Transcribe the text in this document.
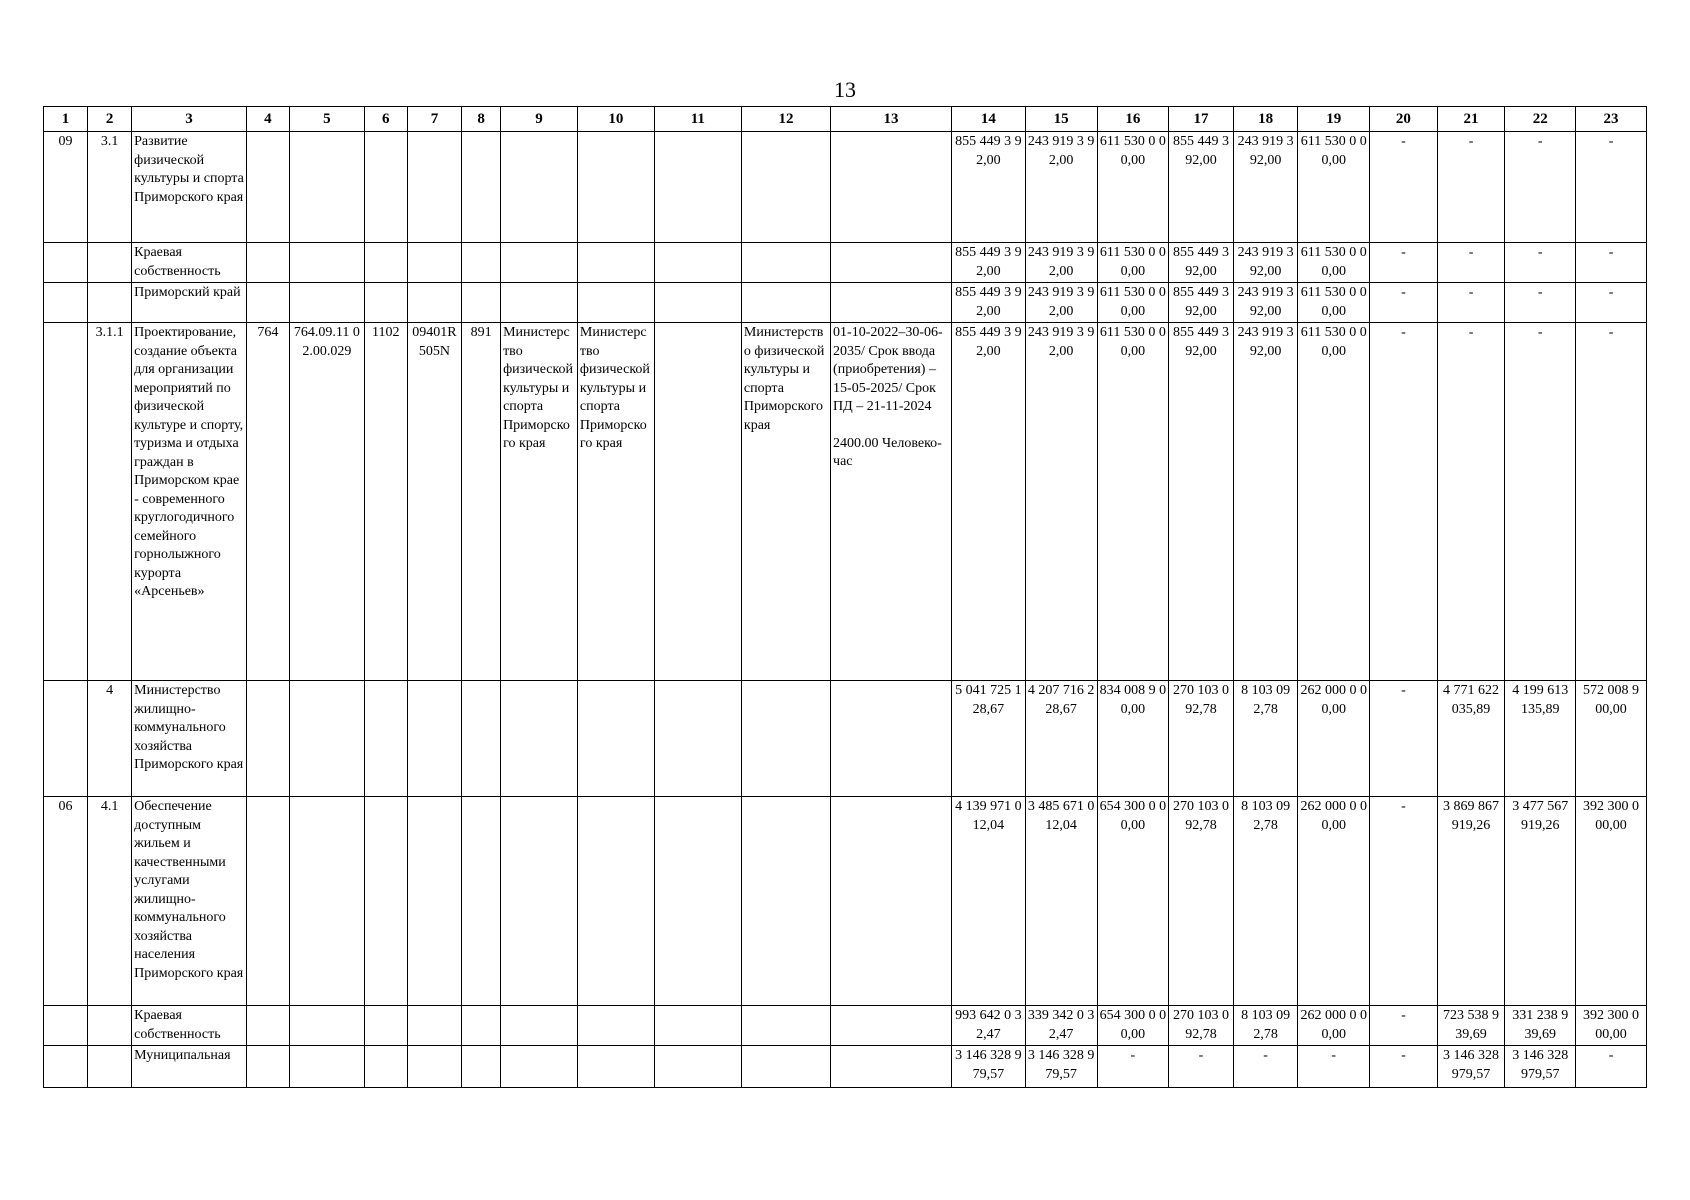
13
1	2	3	4	5	6	7	8	9	10	11	12	13	14	15	16	17	18	19	20	21	22	23
09	3.1	Развитие физической культуры и спорта Приморского края											855 449 3 92,00	243 919 3 92,00	611 530 0 00,00	855 449 392,00	243 919 392,00	611 530 0 00,00	-	-	-	-
		Краевая собственность											855 449 3 92,00	243 919 3 92,00	611 530 0 00,00	855 449 392,00	243 919 392,00	611 530 0 00,00	-	-	-	-
		Приморский край											855 449 3 92,00	243 919 3 92,00	611 530 0 00,00	855 449 392,00	243 919 392,00	611 530 0 00,00	-	-	-	-
	3.1.1	Проектирование, создание объекта для организации мероприятий по физической культуре и спорту, туризма и отдыха граждан в Приморском крае - современного круглогодичного семейного горнолыжного курорта «Арсеньев»	764	764.09.11 02.00.029	1102	09401R 505N	891	Министерство физической культуры и спорта Приморского края	Министерство физической культуры и спорта Приморского края		Министерство физической культуры и спорта Приморского края	01-10-2022–30-06-2035/ Срок ввода (приобретения) – 15-05-2025/ Срок ПД – 21-11-2024
2400.00 Человеко-час	855 449 3 92,00	243 919 3 92,00	611 530 0 00,00	855 449 392,00	243 919 392,00	611 530 0 00,00	-	-	-	-
	4	Министерство жилищно-коммунального хозяйства Приморского края											5 041 725 128,67	4 207 716 228,67	834 008 9 00,00	270 103 092,78	8 103 09 2,78	262 000 0 00,00	-	4 771 622 035,89	4 199 613 135,89	572 008 9 00,00
06	4.1	Обеспечение доступным жильем и качественными услугами жилищно-коммунального хозяйства населения Приморского края											4 139 971 012,04	3 485 671 012,04	654 300 0 00,00	270 103 092,78	8 103 09 2,78	262 000 0 00,00	-	3 869 867 919,26	3 477 567 919,26	392 300 0 00,00
		Краевая собственность											993 642 0 32,47	339 342 0 32,47	654 300 0 00,00	270 103 092,78	8 103 09 2,78	262 000 0 00,00	-	723 538 9 39,69	331 238 9 39,69	392 300 0 00,00
		Муниципальная											3 146 328 979,57	3 146 328 979,57	-	-	-	-	-	3 146 328 979,57	3 146 328 979,57	-
